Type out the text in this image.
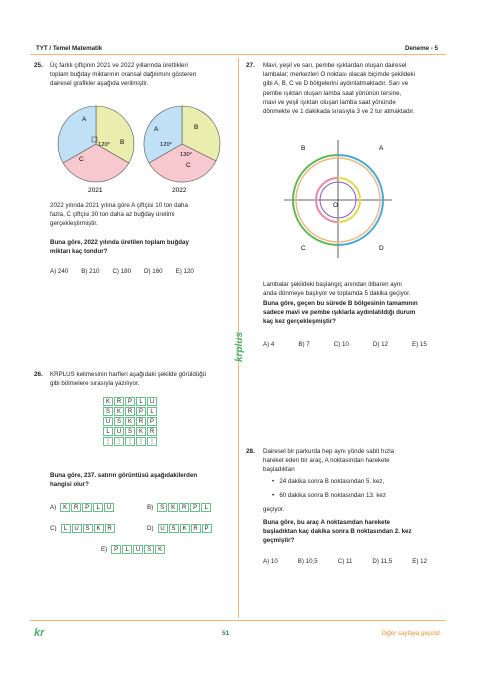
TYT / Temel Matematik	Deneme - 5
25. Üç farklı çiftçinin 2021 ve 2022 yıllarında ürettikleri
toplam buğday miktarının oransal dağılımını gösteren
dairesel grafikler aşağıda verilmiştir.
A
B
C
120°
A	B
C
120°
130°
2021	2022
2022 yılında 2021 yılına göre A çiftçisi 10 ton daha
fazla, C çiftçisi 30 ton daha az buğday üretimi
gerçekleştirmiştir.
Buna göre, 2022 yılında üretilen toplam buğday
miktarı kaç tondur?
A) 240 B) 210 C) 180 D) 160 E) 120
26. KRPLUS kelimesinin harfleri aşağıdaki şekilde görüldüğü
gibi bölmelere sırasıyla yazılıyor.
K	R	P	L	U
S	K	R	P	L
U	S	K	R	P
L	U	S	K	R
⋮ ⋮ ⋮ ⋮ ⋮
Buna göre, 237. satırın görüntüsü aşağıdakilerden
hangisi olur?
A)	K	R	P	L	U	B)	S	K	R	P	L
C)	L	U	S	K	R	D)	U	S	K	R	P
E)	P	L	U	S	K
krplus
27. Mavi, yeşil ve sarı, pembe ışıklardan oluşan dairesel
lambalar; merkezleri O noktası olacak biçimde şekildeki
gibi A, B, C ve D bölgelerini aydınlatmaktadır. Sarı ve
pembe ışıktan oluşan lamba saat yönünün tersine,
mavi ve yeşil ışıktan oluşan lamba saat yönünde
dönmekte ve 1 dakikada sırasıyla 3 ve 2 tur atmaktadır.
B	A
C	D
O
Lambalar şekildeki başlangıç anından itibaren aynı
anda dönmeye başlıyor ve toplamda 5 dakika geçiyor.
Buna göre, geçen bu sürede B bölgesinin tamamının
sadece mavi ve pembe ışıklarla aydınlatıldığı durum
kaç kez gerçekleşmiştir?
A) 4	B) 7	C) 10	D) 12	E) 15
28. Dairesel bir parkurda hep aynı yönde sabit hızla
hareket eden bir araç, A noktasından harekete
başladıktan
•   24 dakika sonra B noktasından 5. kez,
•   60 dakika sonra B noktasından 13. kez
geçiyor.
Buna göre, bu araç A noktasından harekete
başladıktan kaç dakika sonra B noktasından 2. kez
geçmiştir?
A) 10	B) 10,5	C) 11	D) 11,5	E) 12
kr	51	Diğer sayfaya geçiniz.
